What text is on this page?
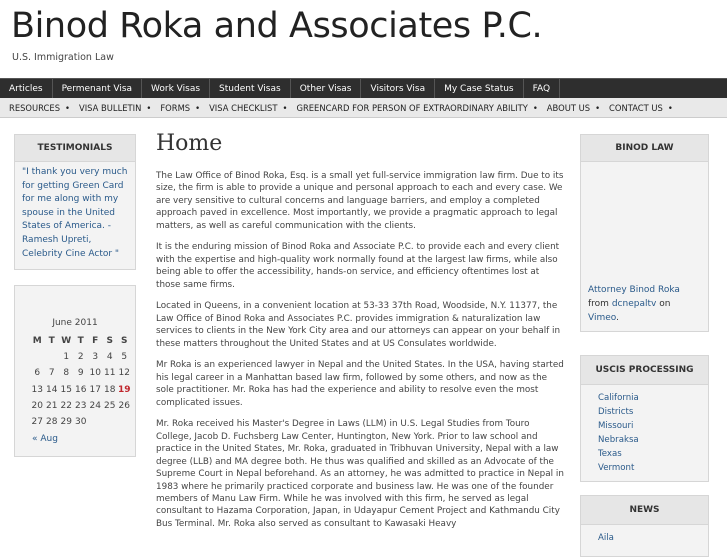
Binod Roka and Associates P.C.
U.S. Immigration Law
Articles	Permenant Visa	Work Visas	Student Visas	Other Visas	Visitors Visa	My Case Status	FAQ
RESOURCES •	VISA BULLETIN •	FORMS •	VISA CHECKLIST •	GREENCARD FOR PERSON OF EXTRAORDINARY ABILITY •	ABOUT US •	CONTACT US •
TESTIMONIALS
"I thank you very much for getting Green Card for me along with my spouse in the United States of America. - Ramesh Upreti, Celebrity Cine Actor "
June 2011
M	T	W	T	F	S	S
		1	2	3	4	5
6	7	8	9	10	11	12
13	14	15	16	17	18	19
20	21	22	23	24	25	26
27	28	29	30			
« Aug
Home

The Law Office of Binod Roka, Esq. is a small yet full-service immigration law firm. Due to its size, the firm is able to provide a unique and personal approach to each and every case. We are very sensitive to cultural concerns and language barriers, and employ a completed approach paved in excellence. Most importantly, we provide a pragmatic approach to legal matters, as well as careful communication with the clients.

It is the enduring mission of Binod Roka and Associate P.C. to provide each and every client with the expertise and high-quality work normally found at the largest law firms, while also being able to offer the accessibility, hands-on service, and efficiency oftentimes lost at those same firms.

Located in Queens, in a convenient location at 53-33 37th Road, Woodside, N.Y. 11377, the Law Office of Binod Roka and Associates P.C. provides immigration & naturalization law services to clients in the New York City area and our attorneys can appear on your behalf in these matters throughout the United States and at US Consulates worldwide.

Mr Roka is an experienced lawyer in Nepal and the United States. In the USA, having started his legal career in a Manhattan based law firm, followed by some others, and now as the sole practitioner. Mr. Roka has had the experience and ability to resolve even the most complicated issues.

Mr. Roka received his Master's Degree in Laws (LLM) in U.S. Legal Studies from Touro College, Jacob D. Fuchsberg Law Center, Huntington, New York. Prior to law school and practice in the United States, Mr. Roka, graduated in Tribhuvan University, Nepal with a law degree (LLB) and MA degree both. He thus was qualified and skilled as an Advocate of the Supreme Court in Nepal beforehand. As an attorney, he was admitted to practice in Nepal in 1983 where he primarily practiced corporate and business law. He was one of the founder members of Manu Law Firm. While he was involved with this firm, he served as legal consultant to Hazama Corporation, Japan, in Udayapur Cement Project and Kathmandu City Bus Terminal. Mr. Roka also served as consultant to Kawasaki Heavy

BINOD LAW
Attorney Binod Roka
from dcnepaltv on
Vimeo.
USCIS PROCESSING
California
Districts
Missouri
Nebraksa
Texas
Vermont
NEWS
Aila
